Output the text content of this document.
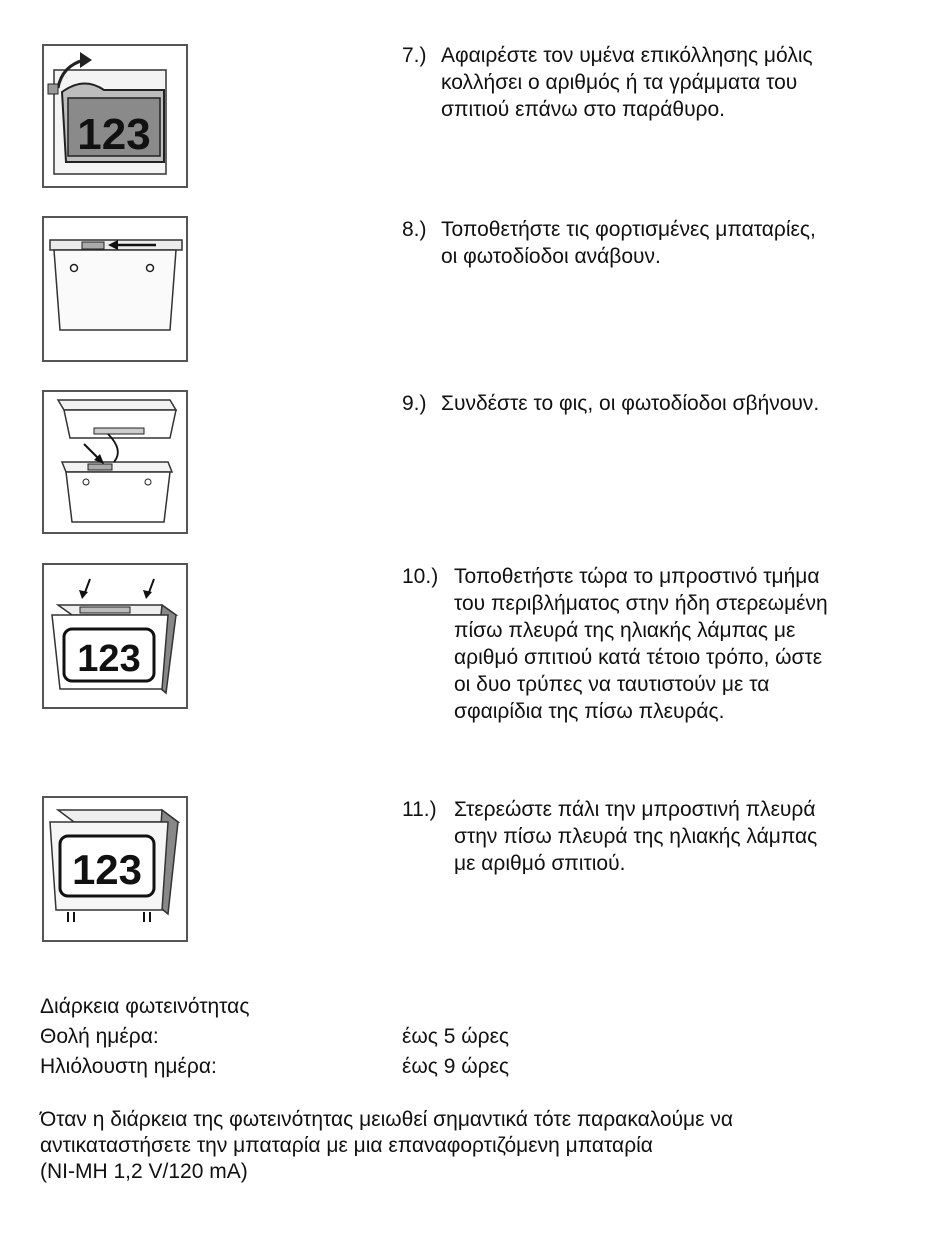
123
7.) Αφαιρέστε τον υμένα επικόλλησης μόλις
κολλήσει ο αριθμός ή τα γράμματα του
σπιτιού επάνω στο παράθυρο.
8.) Τοποθετήστε τις φορτισμένες μπαταρίες,
οι φωτοδίοδοι ανάβουν.
9.) Συνδέστε το φις, οι φωτοδίοδοι σβήνουν.
123
10.) Τοποθετήστε τώρα το μπροστινό τμήμα
του περιβλήματος στην ήδη στερεωμένη
πίσω πλευρά της ηλιακής λάμπας με
αριθμό σπιτιού κατά τέτοιο τρόπο, ώστε
οι δυο τρύπες να ταυτιστούν με τα
σφαιρίδια της πίσω πλευράς.
123
11.) Στερεώστε πάλι την μπροστινή πλευρά
στην πίσω πλευρά της ηλιακής λάμπας
με αριθμό σπιτιού.
Διάρκεια φωτεινότητας
Θολή ημέρα:	έως 5 ώρες
Ηλιόλουστη ημέρα:	έως 9 ώρες
Όταν η διάρκεια της φωτεινότητας μειωθεί σημαντικά τότε παρακαλούμε να
αντικαταστήσετε την μπαταρία με μια επαναφορτιζόμενη μπαταρία
(NI-MH 1,2 V/120 mA)
